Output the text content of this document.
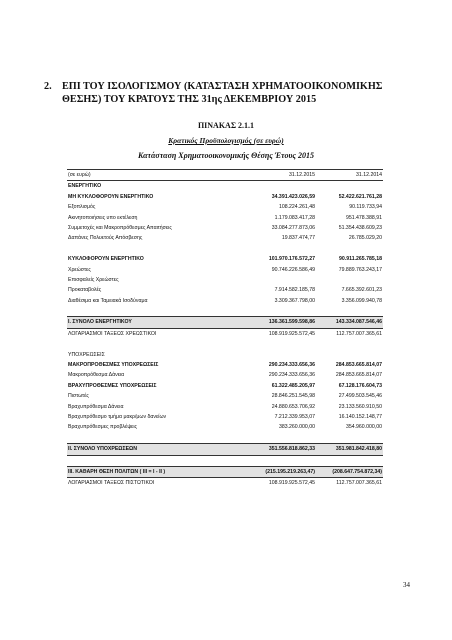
2.	ΕΠΙ ΤΟΥ ΙΣΟΛΟΓΙΣΜΟΥ (ΚΑΤΑΣΤΑΣΗ ΧΡΗΜΑΤΟΟΙΚΟΝΟΜΙΚΗΣ ΘΕΣΗΣ) ΤΟΥ ΚΡΑΤΟΥΣ ΤΗΣ 31ης ΔΕΚΕΜΒΡΙΟΥ 2015
ΠΙΝΑΚΑΣ 2.1.1
Κρατικός Προϋπολογισμός (σε ευρώ)
Κατάσταση Χρηματοοικονομικής Θέσης Έτους 2015
(σε ευρώ)	31.12.2015	31.12.2014
ΕΝΕΡΓΗΤΙΚΟ
ΜΗ ΚΥΚΛΟΦΟΡΟΥΝ ΕΝΕΡΓΗΤΙΚΟ	34.391.423.026,59	52.422.621.761,28
Εξοπλισμός	108.224.261,48	90.119.733,94
Ακινητοποιήσεις υπο εκτέλεση	1.179.083.417,28	951.478.388,91
Συμμετοχές και Μακροπρόθεσμες Απαιτήσεις	33.084.277.873,06	51.354.438.609,23
Δαπάνες Πολυετούς Απόσβεσης	19.837.474,77	26.785.029,20
ΚΥΚΛΟΦΟΡΟΥΝ ΕΝΕΡΓΗΤΙΚΟ	101.970.176.572,27	90.911.265.785,18
Χρεώστες	90.746.226.586,49	79.889.763.243,17
Επισφαλείς Χρεώστες
Προκαταβολές	7.914.582.185,78	7.665.392.601,23
Διαθέσιμα και Ταμειακά Ισοδύναμα	3.309.367.798,00	3.356.099.940,78
I. ΣΥΝΟΛΟ ΕΝΕΡΓΗΤΙΚΟΥ	136.361.599.598,86	143.334.087.546,46
ΛΟΓΑΡΙΑΣΜΟΙ ΤΑΞΕΩΣ ΧΡΕΩΣΤΙΚΟΙ	108.919.925.572,45	112.757.007.365,61
ΥΠΟΧΡΕΩΣΕΙΣ
ΜΑΚΡΟΠΡΟΘΕΣΜΕΣ ΥΠΟΧΡΕΩΣΕΙΣ	290.234.333.656,36	284.853.665.814,07
Μακροπρόθεσμα Δάνεια	290.234.333.656,36	284.853.665.814,07
ΒΡΑΧΥΠΡΟΘΕΣΜΕΣ ΥΠΟΧΡΕΩΣΕΙΣ	61.322.485.205,97	67.128.176.604,73
Πιστωτές	28.846.251.545,98	27.499.503.545,46
Βραχυπρόθεσμα Δάνεια	24.880.653.706,92	23.133.560.910,50
Βραχυπρόθεσμο τμήμα μακρ/μων δανείων	7.212.339.953,07	16.140.152.148,77
Βραχυπρόθεσμες προβλέψεις	383.260.000,00	354.960.000,00
II. ΣΥΝΟΛΟ ΥΠΟΧΡΕΩΣΕΩΝ	351.556.818.862,33	351.981.842.418,80
III. ΚΑΘΑΡΗ ΘΕΣΗ ΠΟΛΙΤΩΝ ( III = I - II )	(215.195.219.263,47)	(208.647.754.872,34)
ΛΟΓΑΡΙΑΣΜΟΙ ΤΑΞΕΩΣ ΠΙΣΤΩΤΙΚΟΙ	108.919.925.572,45	112.757.007.365,61
34
